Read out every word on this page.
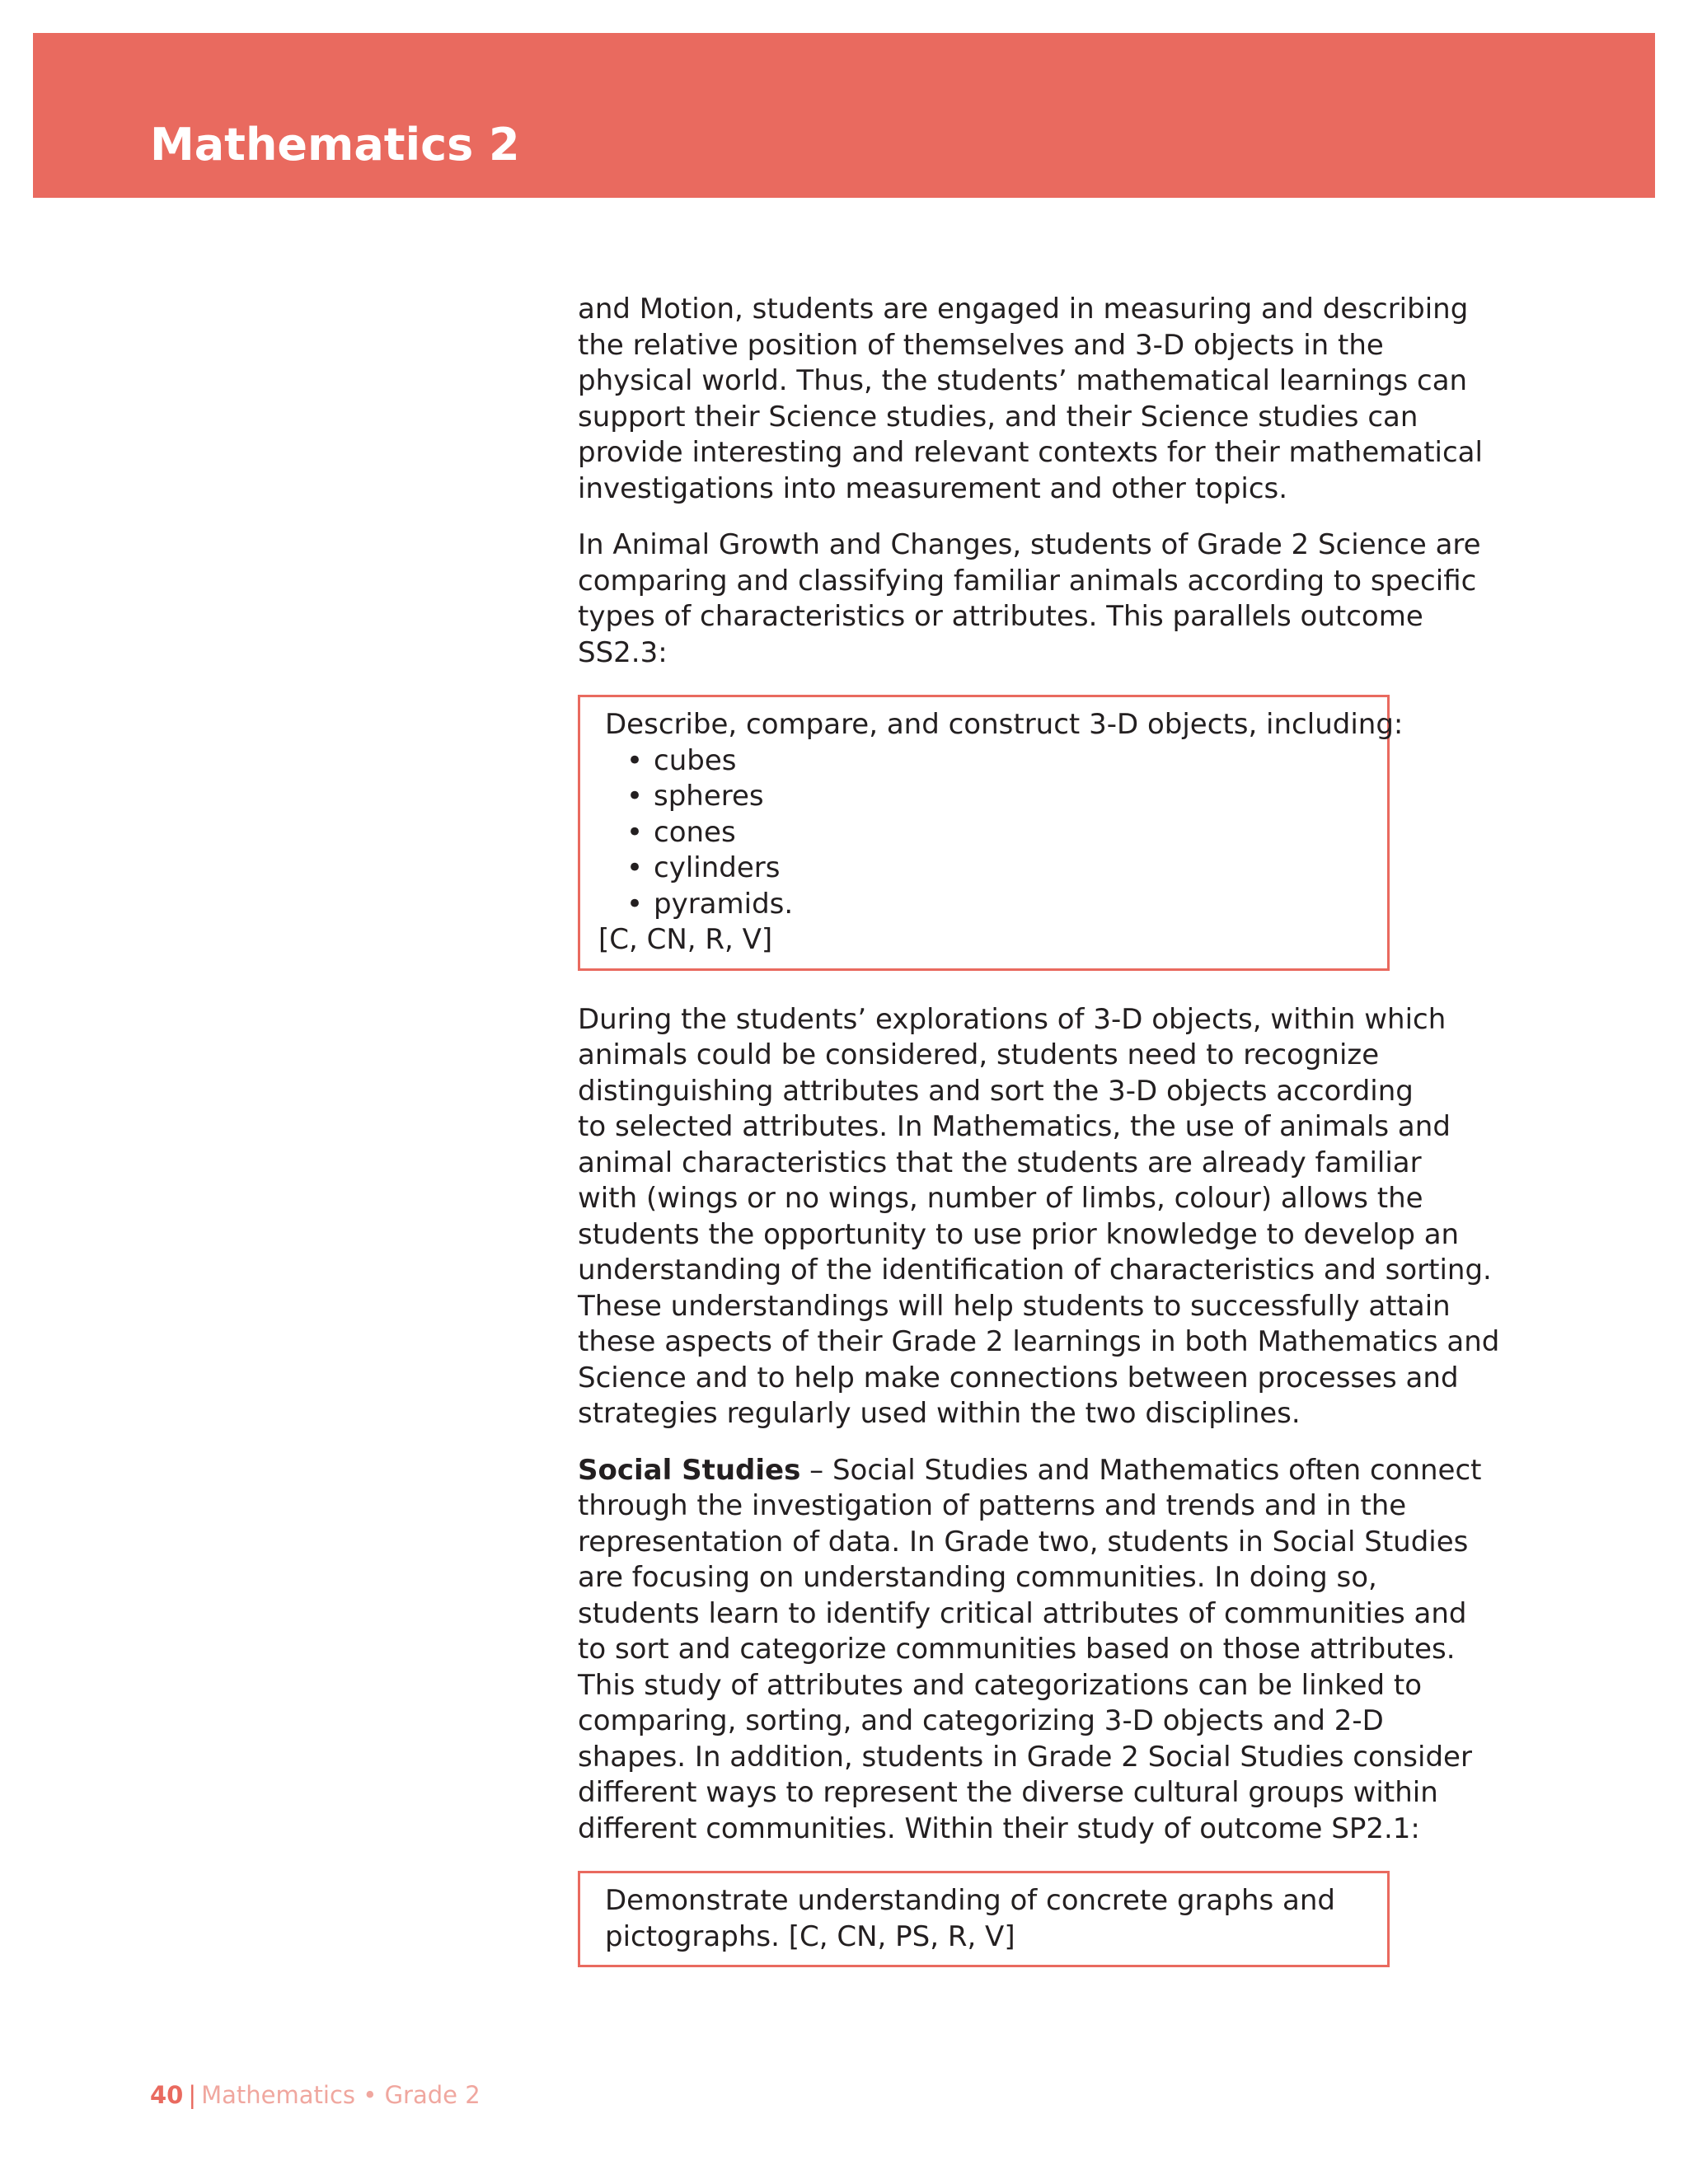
Mathematics 2

and Motion, students are engaged in measuring and describing
the relative position of themselves and 3-D objects in the
physical world. Thus, the students’ mathematical learnings can
support their Science studies, and their Science studies can
provide interesting and relevant contexts for their mathematical
investigations into measurement and other topics.

In Animal Growth and Changes, students of Grade 2 Science are
comparing and classifying familiar animals according to specific
types of characteristics or attributes. This parallels outcome
SS2.3:

Describe, compare, and construct 3-D objects, including:
• cubes
• spheres
• cones
• cylinders
• pyramids.
[C, CN, R, V]

During the students’ explorations of 3-D objects, within which
animals could be considered, students need to recognize
distinguishing attributes and sort the 3-D objects according
to selected attributes. In Mathematics, the use of animals and
animal characteristics that the students are already familiar
with (wings or no wings, number of limbs, colour) allows the
students the opportunity to use prior knowledge to develop an
understanding of the identification of characteristics and sorting.
These understandings will help students to successfully attain
these aspects of their Grade 2 learnings in both Mathematics and
Science and to help make connections between processes and
strategies regularly used within the two disciplines.

Social Studies – Social Studies and Mathematics often connect
through the investigation of patterns and trends and in the
representation of data. In Grade two, students in Social Studies
are focusing on understanding communities. In doing so,
students learn to identify critical attributes of communities and
to sort and categorize communities based on those attributes.
This study of attributes and categorizations can be linked to
comparing, sorting, and categorizing 3-D objects and 2-D
shapes. In addition, students in Grade 2 Social Studies consider
different ways to represent the diverse cultural groups within
different communities. Within their study of outcome SP2.1:

Demonstrate understanding of concrete graphs and
pictographs. [C, CN, PS, R, V]
40 | Mathematics • Grade 2
